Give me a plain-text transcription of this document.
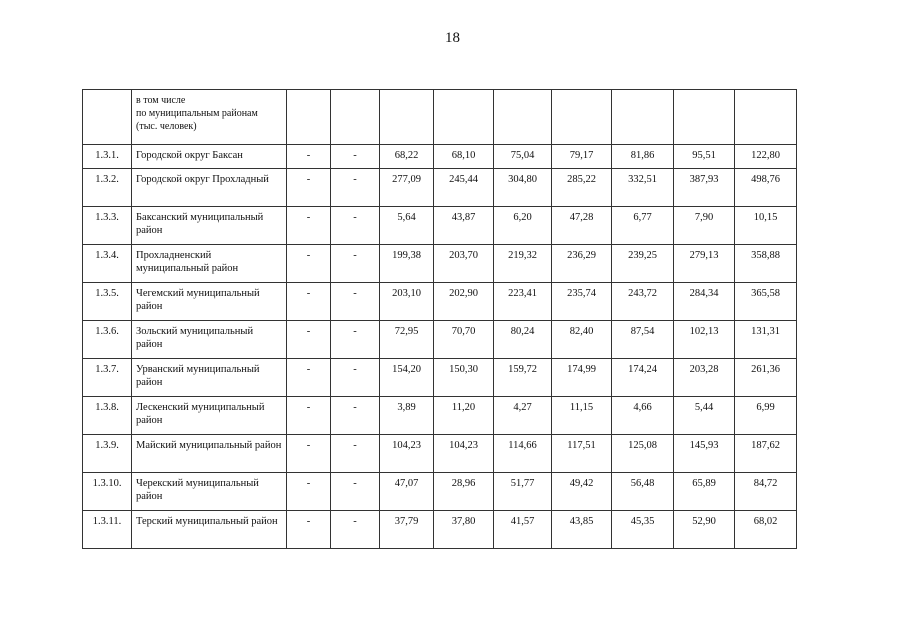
18

	в том числе
по муниципальным районам
(тыс. человек)									

1.3.1.	Городской округ Баксан	-	-	68,22	68,10	75,04	79,17	81,86	95,51	122,80
1.3.2.	Городской округ Прохладный	-	-	277,09	245,44	304,80	285,22	332,51	387,93	498,76
1.3.3.	Баксанский муниципальный район	-	-	5,64	43,87	6,20	47,28	6,77	7,90	10,15
1.3.4.	Прохладненский муниципальный район	-	-	199,38	203,70	219,32	236,29	239,25	279,13	358,88
1.3.5.	Чегемский муниципальный район	-	-	203,10	202,90	223,41	235,74	243,72	284,34	365,58
1.3.6.	Зольский муниципальный район	-	-	72,95	70,70	80,24	82,40	87,54	102,13	131,31
1.3.7.	Урванский муниципальный район	-	-	154,20	150,30	159,72	174,99	174,24	203,28	261,36
1.3.8.	Лескенский муниципальный район	-	-	3,89	11,20	4,27	11,15	4,66	5,44	6,99
1.3.9.	Майский муниципальный район	-	-	104,23	104,23	114,66	117,51	125,08	145,93	187,62
1.3.10.	Черекский муниципальный район	-	-	47,07	28,96	51,77	49,42	56,48	65,89	84,72
1.3.11.	Терский муниципальный район	-	-	37,79	37,80	41,57	43,85	45,35	52,90	68,02
